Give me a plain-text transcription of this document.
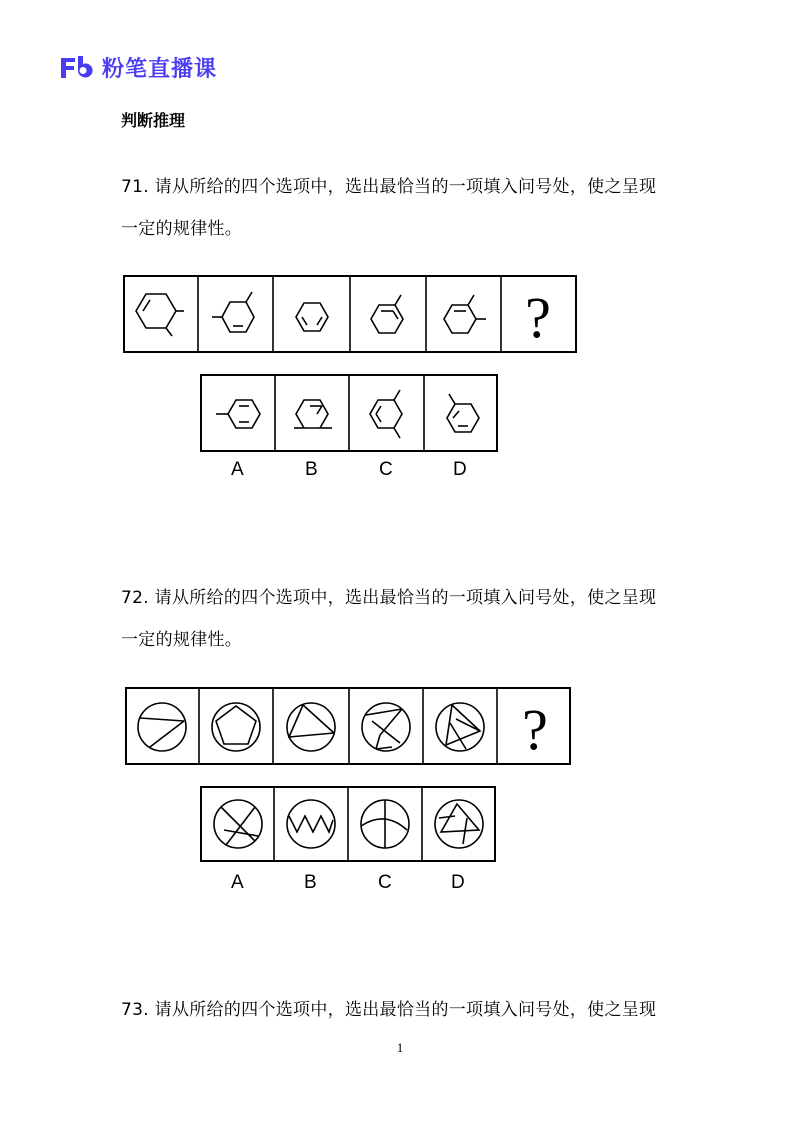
粉笔直播课
判断推理
71. 请从所给的四个选项中，选出最恰当的一项填入问号处，使之呈现
一定的规律性。
?
A	B	C	D
72. 请从所给的四个选项中，选出最恰当的一项填入问号处，使之呈现
一定的规律性。
?
A	B	C	D
73. 请从所给的四个选项中，选出最恰当的一项填入问号处，使之呈现
1
